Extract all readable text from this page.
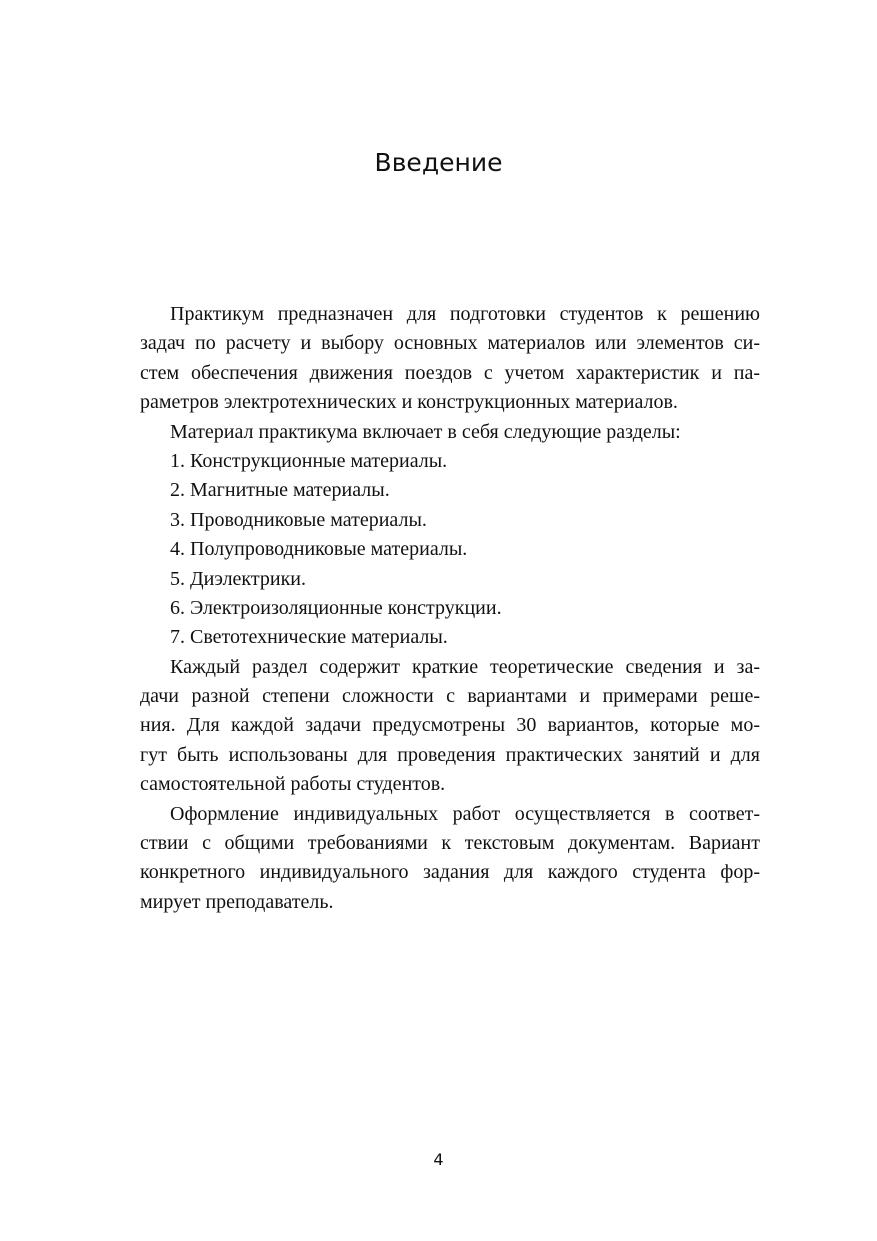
Введение
Практикум предназначен для подготовки студентов к решению
задач по расчету и выбору основных материалов или элементов си-
стем обеспечения движения поездов с учетом характеристик и па-
раметров электротехнических и конструкционных материалов.
Материал практикума включает в себя следующие разделы:
1. Конструкционные материалы.
2. Магнитные материалы.
3. Проводниковые материалы.
4. Полупроводниковые материалы.
5. Диэлектрики.
6. Электроизоляционные конструкции.
7. Светотехнические материалы.
Каждый раздел содержит краткие теоретические сведения и за-
дачи разной степени сложности с вариантами и примерами реше-
ния. Для каждой задачи предусмотрены 30 вариантов, которые мо-
гут быть использованы для проведения практических занятий и для
самостоятельной работы студентов.
Оформление индивидуальных работ осуществляется в соответ-
ствии с общими требованиями к текстовым документам. Вариант
конкретного индивидуального задания для каждого студента фор-
мирует преподаватель.
4
